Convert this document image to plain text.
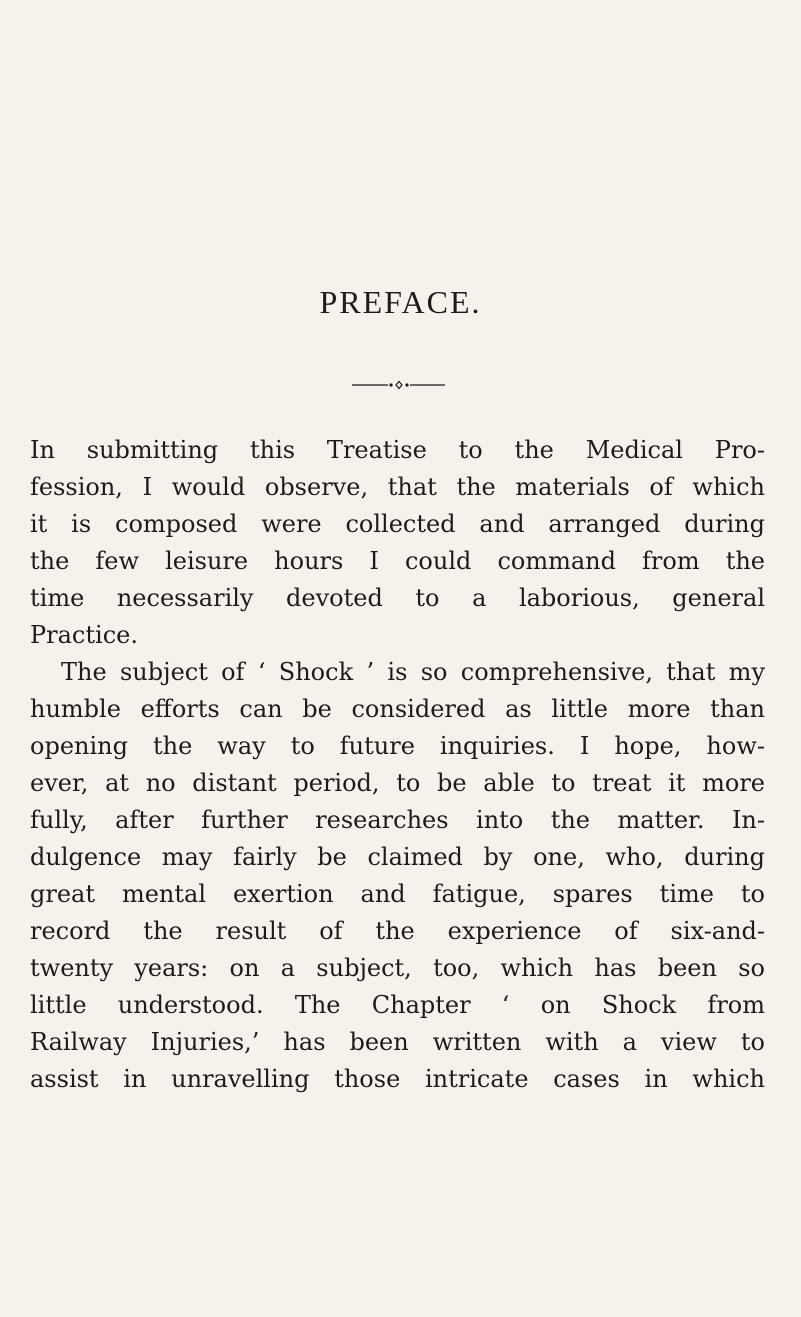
PREFACE.
In submitting this Treatise to the Medical Pro-
fession, I would observe, that the materials of which
it is composed were collected and arranged during
the few leisure hours I could command from the
time necessarily devoted to a laborious, general
Practice.
The subject of ‘ Shock ’ is so comprehensive, that my
humble efforts can be considered as little more than
opening the way to future inquiries. I hope, how-
ever, at no distant period, to be able to treat it more
fully, after further researches into the matter. In-
dulgence may fairly be claimed by one, who, during
great mental exertion and fatigue, spares time to
record the result of the experience of six-and-
twenty years: on a subject, too, which has been so
little understood. The Chapter ‘ on Shock from
Railway Injuries,’ has been written with a view to
assist in unravelling those intricate cases in which
